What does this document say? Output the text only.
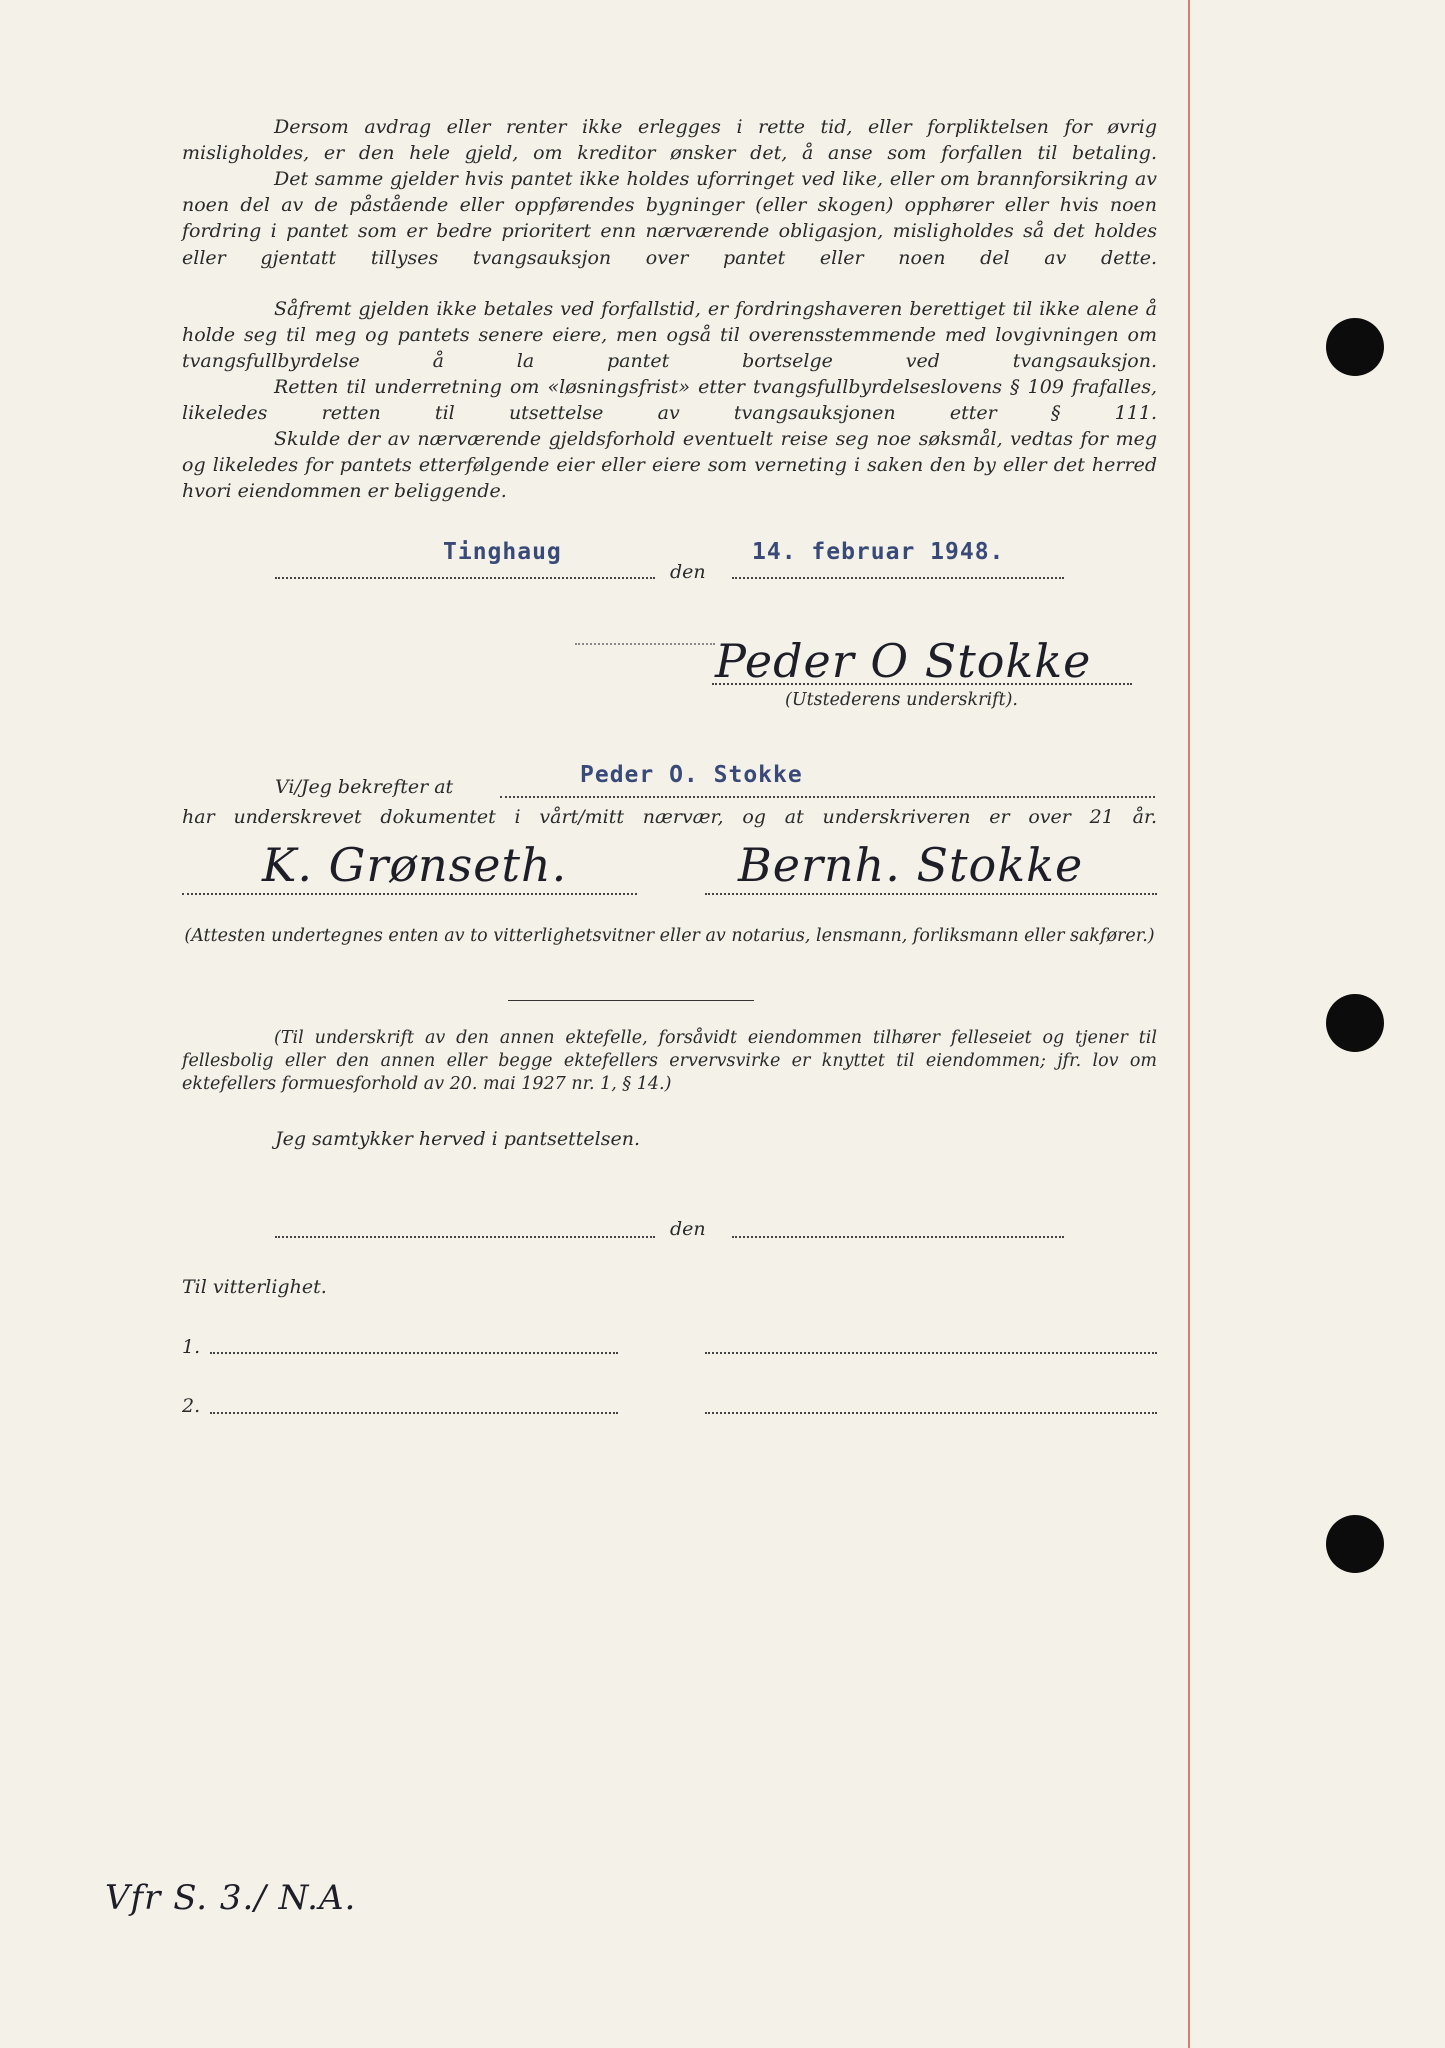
Dersom avdrag eller renter ikke erlegges i rette tid, eller forpliktelsen for øvrig misligholdes, er den hele gjeld, om kreditor ønsker det, å anse som forfallen til betaling.
Det samme gjelder hvis pantet ikke holdes uforringet ved like, eller om brannforsikring av noen del av de påstående eller oppførendes bygninger (eller skogen) opphører eller hvis noen fordring i pantet som er bedre prioritert enn nærværende obligasjon, misligholdes så det holdes eller gjentatt tillyses tvangsauksjon over pantet eller noen del av dette.
Såfremt gjelden ikke betales ved forfallstid, er fordringshaveren berettiget til ikke alene å holde seg til meg og pantets senere eiere, men også til overensstemmende med lovgivningen om tvangsfullbyrdelse å la pantet bortselge ved tvangsauksjon.
Retten til underretning om «løsningsfrist» etter tvangsfullbyrdelseslovens § 109 frafalles, likeledes retten til utsettelse av tvangsauksjonen etter § 111.
Skulde der av nærværende gjeldsforhold eventuelt reise seg noe søksmål, vedtas for meg og likeledes for pantets etterfølgende eier eller eiere som verneting i saken den by eller det herred hvori eiendommen er beliggende.
Tinghaug
den
14. februar 1948.
Peder O Stokke
(Utstederens underskrift).
Vi/Jeg bekrefter at	Peder O. Stokke
har underskrevet dokumentet i vårt/mitt nærvær, og at underskriveren er over 21 år.
K. Grønseth.	Bernh. Stokke
(Attesten undertegnes enten av to vitterlighetsvitner eller av notarius, lensmann, forliksmann eller sakfører.)
(Til underskrift av den annen ektefelle, forsåvidt eiendommen tilhører felleseiet og tjener til fellesbolig eller den annen eller begge ektefellers ervervsvirke er knyttet til eiendommen; jfr. lov om ektefellers formuesforhold av 20. mai 1927 nr. 1, § 14.)
Jeg samtykker herved i pantsettelsen.
den
Til vitterlighet.
1.
2.
Vfr S. 3./ N.A.
